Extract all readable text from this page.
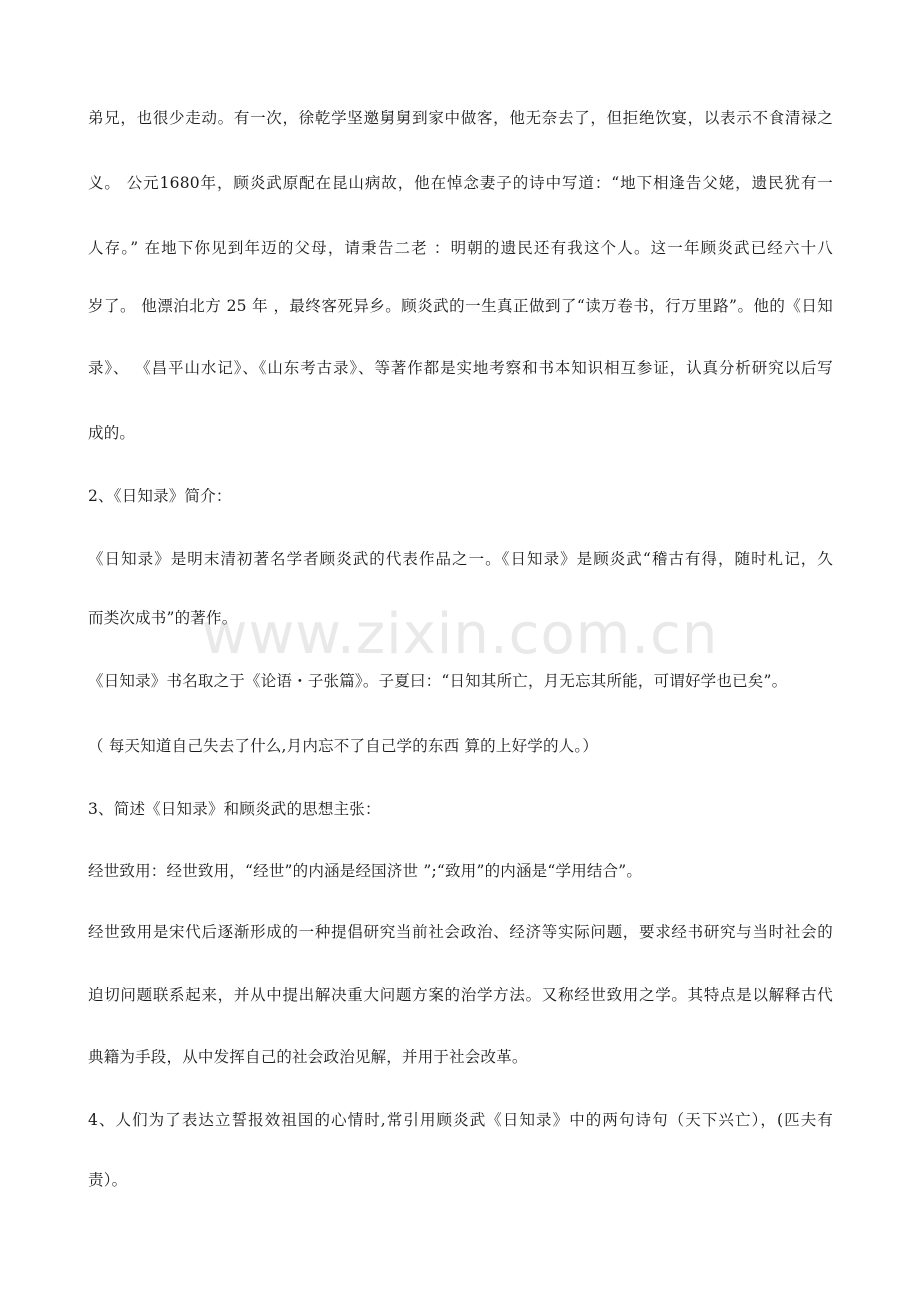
弟兄，也很少走动。有一次，徐乾学坚邀舅舅到家中做客，他无奈去了，但拒绝饮宴，以表示不食清禄之
义。 公元1680年，顾炎武原配在昆山病故，他在悼念妻子的诗中写道：“地下相逢告父姥，遗民犹有一
人存。” 在地下你见到年迈的父母，请秉告二老 ：明朝的遗民还有我这个人。这一年顾炎武已经六十八
岁了。 他漂泊北方 25 年 ，最终客死异乡。顾炎武的一生真正做到了“读万卷书，行万里路”。他的《日知
录》、 《昌平山水记》、《山东考古录》、等著作都是实地考察和书本知识相互参证，认真分析研究以后写
成的。
2、《日知录》简介：
《日知录》是明末清初著名学者顾炎武的代表作品之一。《日知录》是顾炎武“稽古有得，随时札记，久
而类次成书”的著作。
《日知录》书名取之于《论语・子张篇》。子夏曰：“日知其所亡，月无忘其所能，可谓好学也已矣”。
（ 每天知道自己失去了什么,月内忘不了自己学的东西 算的上好学的人。）
3、简述《日知录》和顾炎武的思想主张：
经世致用：经世致用，“经世”的内涵是经国济世 ”;“致用”的内涵是“学用结合”。
经世致用是宋代后逐渐形成的一种提倡研究当前社会政治、经济等实际问题，要求经书研究与当时社会的
迫切问题联系起来，并从中提出解决重大问题方案的治学方法。又称经世致用之学。其特点是以解释古代
典籍为手段，从中发挥自己的社会政治见解，并用于社会改革。
4、人们为了表达立誓报效祖国的心情时,常引用顾炎武《日知录》中的两句诗句（天下兴亡），(匹夫有
责）。
www.zixin.com.cn
